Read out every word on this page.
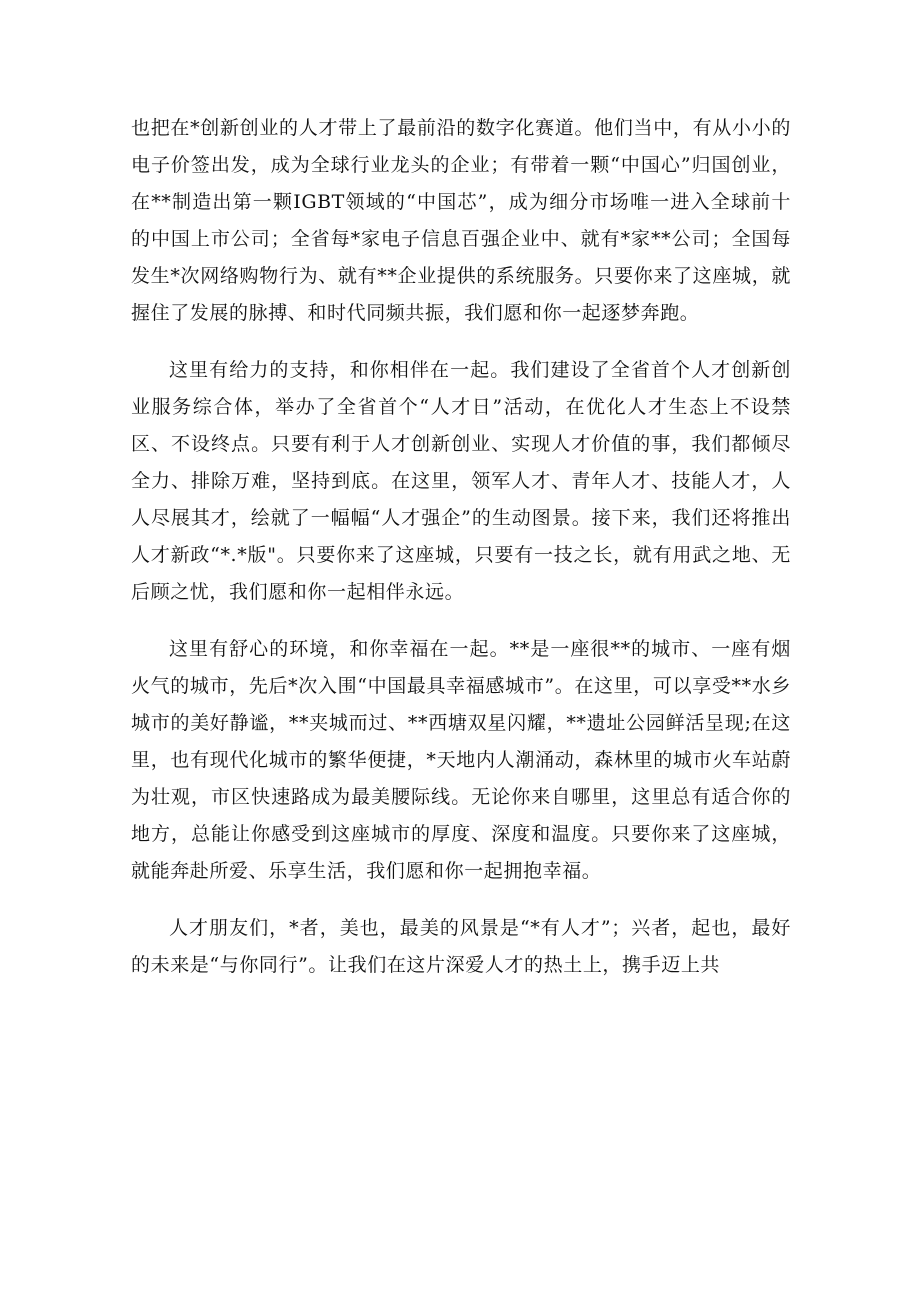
也把在*创新创业的人才带上了最前沿的数字化赛道。他们当中，有从小小的电子价签出发，成为全球行业龙头的企业；有带着一颗“中国心”归国创业，在**制造出第一颗IGBT领域的“中国芯”，成为细分市场唯一进入全球前十的中国上市公司；全省每*家电子信息百强企业中、就有*家**公司；全国每发生*次网络购物行为、就有**企业提供的系统服务。只要你来了这座城，就握住了发展的脉搏、和时代同频共振，我们愿和你一起逐梦奔跑。

这里有给力的支持，和你相伴在一起。我们建设了全省首个人才创新创业服务综合体，举办了全省首个“人才日”活动，在优化人才生态上不设禁区、不设终点。只要有利于人才创新创业、实现人才价值的事，我们都倾尽全力、排除万难，坚持到底。在这里，领军人才、青年人才、技能人才，人人尽展其才，绘就了一幅幅“人才强企”的生动图景。接下来，我们还将推出人才新政“*.*版"。只要你来了这座城，只要有一技之长，就有用武之地、无后顾之忧，我们愿和你一起相伴永远。

这里有舒心的环境，和你幸福在一起。**是一座很**的城市、一座有烟火气的城市，先后*次入围“中国最具幸福感城市”。在这里，可以享受**水乡城市的美好静谧，**夹城而过、**西塘双星闪耀，**遗址公园鲜活呈现;在这里，也有现代化城市的繁华便捷，*天地内人潮涌动，森林里的城市火车站蔚为壮观，市区快速路成为最美腰际线。无论你来自哪里，这里总有适合你的地方，总能让你感受到这座城市的厚度、深度和温度。只要你来了这座城，就能奔赴所爱、乐享生活，我们愿和你一起拥抱幸福。

人才朋友们，*者，美也，最美的风景是“*有人才”；兴者，起也，最好的未来是“与你同行”。让我们在这片深爱人才的热土上，携手迈上共
